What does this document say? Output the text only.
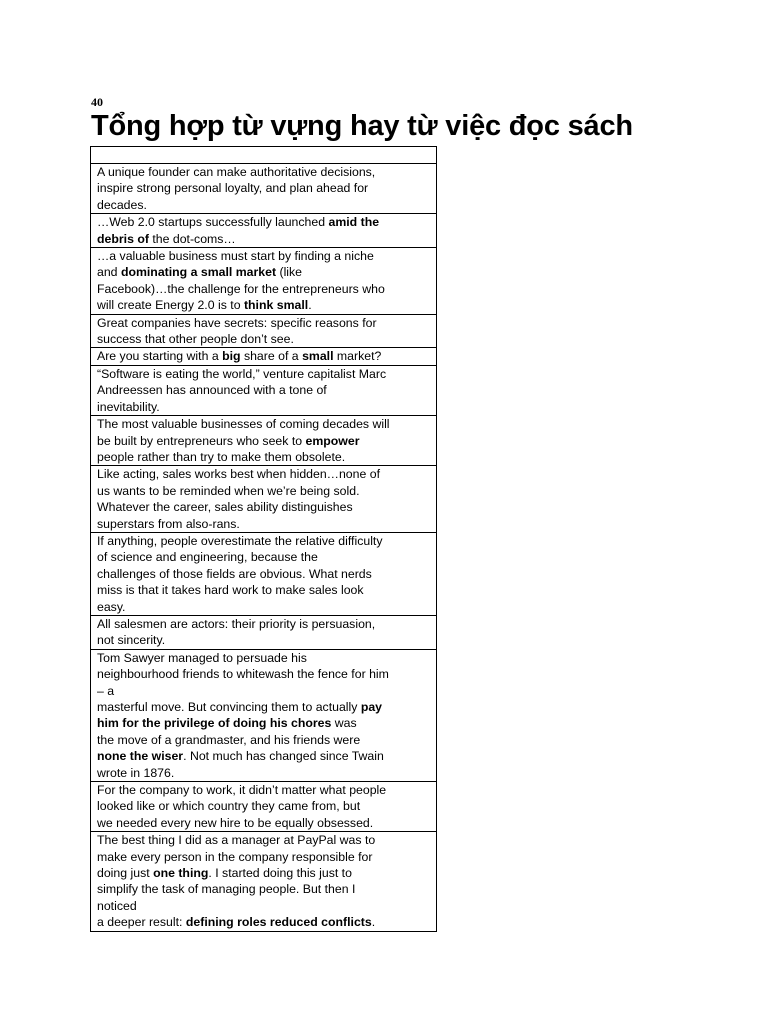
40
Tổng hợp từ vựng hay từ việc đọc sách

A unique founder can make authoritative decisions,
inspire strong personal loyalty, and plan ahead for
decades.

…Web 2.0 startups successfully launched amid the
debris of the dot-coms…

…a valuable business must start by finding a niche
and dominating a small market (like
Facebook)…the challenge for the entrepreneurs who
will create Energy 2.0 is to think small.

Great companies have secrets: specific reasons for
success that other people don’t see.

Are you starting with a big share of a small market?

“Software is eating the world,” venture capitalist Marc
Andreessen has announced with a tone of
inevitability.

The most valuable businesses of coming decades will
be built by entrepreneurs who seek to empower
people rather than try to make them obsolete.

Like acting, sales works best when hidden…none of
us wants to be reminded when we’re being sold.
Whatever the career, sales ability distinguishes
superstars from also-rans.

If anything, people overestimate the relative difficulty
of science and engineering, because the
challenges of those fields are obvious. What nerds
miss is that it takes hard work to make sales look
easy.

All salesmen are actors: their priority is persuasion,
not sincerity.

Tom Sawyer managed to persuade his
neighbourhood friends to whitewash the fence for him
– a
masterful move. But convincing them to actually pay
him for the privilege of doing his chores was
the move of a grandmaster, and his friends were
none the wiser. Not much has changed since Twain
wrote in 1876.

For the company to work, it didn’t matter what people
looked like or which country they came from, but
we needed every new hire to be equally obsessed.

The best thing I did as a manager at PayPal was to
make every person in the company responsible for
doing just one thing. I started doing this just to
simplify the task of managing people. But then I
noticed
a deeper result: defining roles reduced conflicts.
